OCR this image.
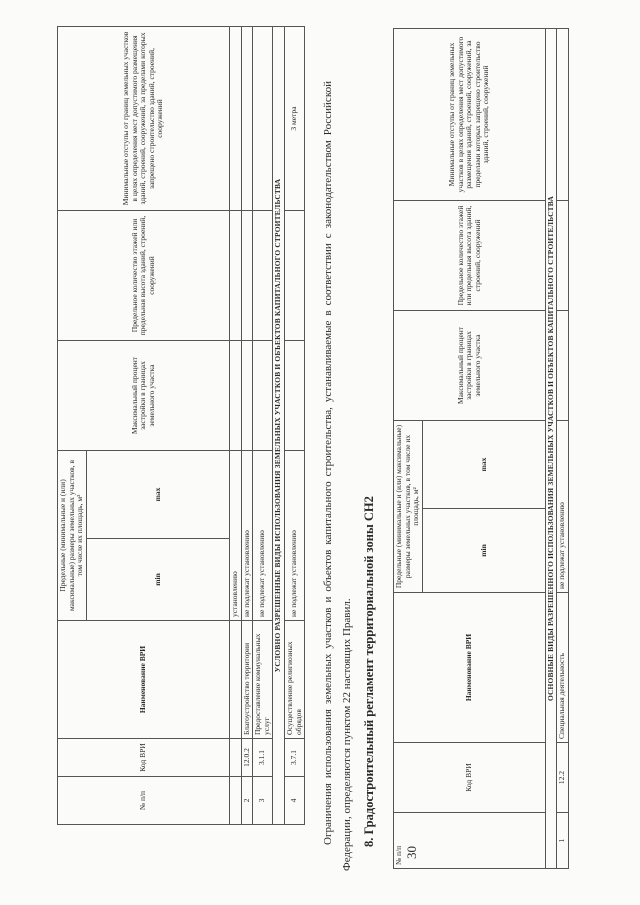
30
№ п/п	Код ВРИ	Наименование ВРИ	Предельные (минимальные и (или) максимальные) размеры земельных участков, в том числе их площадь, м²		Максимальный процент застройки в границах земельного участка	Предельное количество этажей или предельная высота зданий, строений, сооружений	Минимальные отступы от границ земельных участков в целях определения мест допустимого размещения зданий, строений, сооружений, за пределами которых запрещено строительство зданий, строений, сооружений
			min	max			
			установлению				
2	12.0.2	Благоустройство территории	не подлежат установлению				
3	3.1.1	Предоставление коммунальных услуг	не подлежат установлению				
УСЛОВНО РАЗРЕШЕННЫЕ ВИДЫ ИСПОЛЬЗОВАНИЯ ЗЕМЕЛЬНЫХ УЧАСТКОВ И ОБЪЕКТОВ КАПИТАЛЬНОГО СТРОИТЕЛЬСТВА							
4	3.7.1	Осуществление религиозных обрядов	не подлежат установлению				3 метра Ограничения использования земельных участков и объектов капитального строительства, устанавливаемые в соответствии с законодательством Российской Федерации, определяются пунктом 22 настоящих Правил. 8. Градостроительный регламент территориальной зоны СН2
№ п/п	Код ВРИ	Наименование ВРИ	Предельные (минимальные и (или) максимальные) размеры земельных участков, в том числе их площадь, м²		Максимальный процент застройки в границах земельного участка	Предельное количество этажей или предельная высота зданий, строений, сооружений	Минимальные отступы от границ земельных участков в целях определения мест допустимого размещения зданий, строений, сооружений, за пределами которых запрещено строительство зданий, строений, сооружений
			min	max			
ОСНОВНЫЕ ВИДЫ РАЗРЕШЕННОГО ИСПОЛЬЗОВАНИЯ ЗЕМЕЛЬНЫХ УЧАСТКОВ И ОБЪЕКТОВ КАПИТАЛЬНОГО СТРОИТЕЛЬСТВА							
1	12.2	Специальная деятельность	не подлежат установлению				
